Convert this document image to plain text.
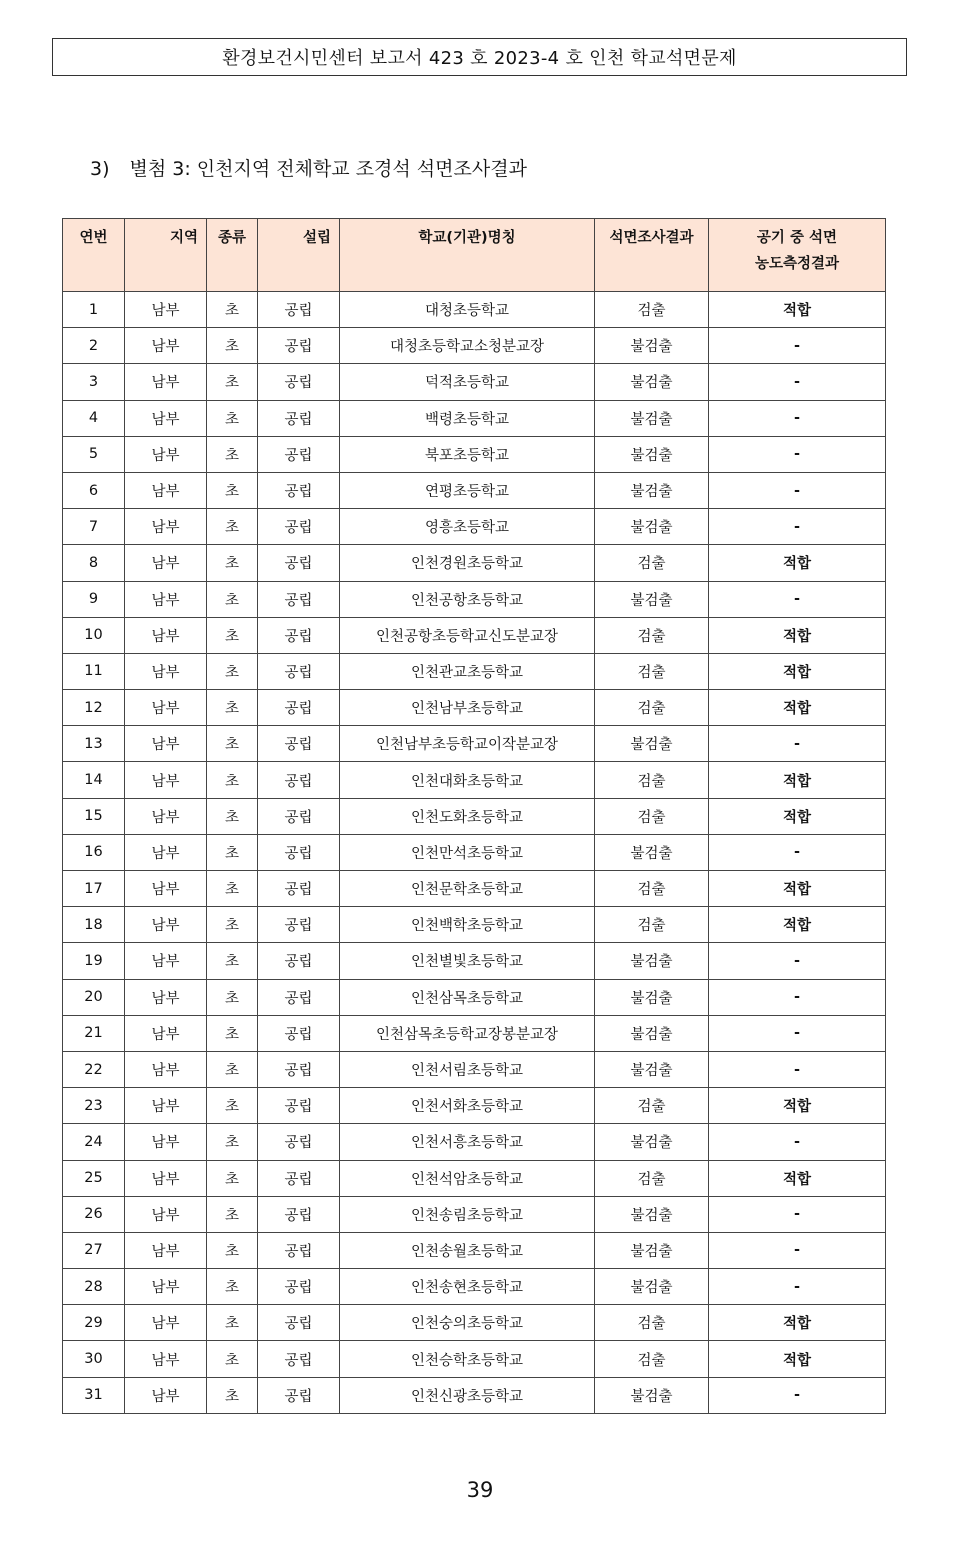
환경보건시민센터 보고서 423 호 2023-4 호 인천 학교석면문제
3) 별첨 3: 인천지역 전체학교 조경석 석면조사결과
연번	지역	종류	설립	학교(기관)명칭	석면조사결과	공기 중 석면
농도측정결과
1	남부	초	공립	대청초등학교	검출	적합
2	남부	초	공립	대청초등학교소청분교장	불검출	-
3	남부	초	공립	덕적초등학교	불검출	-
4	남부	초	공립	백령초등학교	불검출	-
5	남부	초	공립	북포초등학교	불검출	-
6	남부	초	공립	연평초등학교	불검출	-
7	남부	초	공립	영흥초등학교	불검출	-
8	남부	초	공립	인천경원초등학교	검출	적합
9	남부	초	공립	인천공항초등학교	불검출	-
10	남부	초	공립	인천공항초등학교신도분교장	검출	적합
11	남부	초	공립	인천관교초등학교	검출	적합
12	남부	초	공립	인천남부초등학교	검출	적합
13	남부	초	공립	인천남부초등학교이작분교장	불검출	-
14	남부	초	공립	인천대화초등학교	검출	적합
15	남부	초	공립	인천도화초등학교	검출	적합
16	남부	초	공립	인천만석초등학교	불검출	-
17	남부	초	공립	인천문학초등학교	검출	적합
18	남부	초	공립	인천백학초등학교	검출	적합
19	남부	초	공립	인천별빛초등학교	불검출	-
20	남부	초	공립	인천삼목초등학교	불검출	-
21	남부	초	공립	인천삼목초등학교장봉분교장	불검출	-
22	남부	초	공립	인천서림초등학교	불검출	-
23	남부	초	공립	인천서화초등학교	검출	적합
24	남부	초	공립	인천서흥초등학교	불검출	-
25	남부	초	공립	인천석암초등학교	검출	적합
26	남부	초	공립	인천송림초등학교	불검출	-
27	남부	초	공립	인천송월초등학교	불검출	-
28	남부	초	공립	인천송현초등학교	불검출	-
29	남부	초	공립	인천숭의초등학교	검출	적합
30	남부	초	공립	인천승학초등학교	검출	적합
31	남부	초	공립	인천신광초등학교	불검출	-
39
